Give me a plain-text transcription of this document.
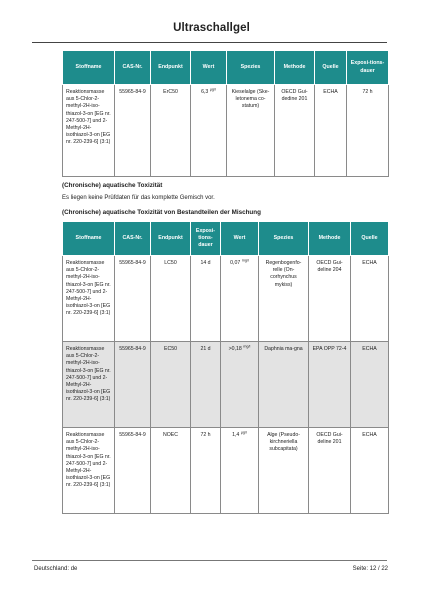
Ultraschallgel
Stoffname	CAS-Nr.	Endpunkt	Wert	Spezies	Methode	Quelle	Exposi-tions-dauer
Reaktionsmasse aus 5-Chlor-2-methyl-2H-iso-thiazol-3-on [EG nr. 247-500-7] und 2-Methyl-2H-isothiazol-3-on [EG nr. 220-239-6] (3:1)	55965-84-9	ErC50	6,3 $^{\mu g/l}$	Kieselalge (Ske-letonema co-statum)	OECD Gui-dedine 201	ECHA	72 h
(Chronische) aquatische Toxizität
Es liegen keine Prüfdaten für das komplette Gemisch vor.
(Chronische) aquatische Toxizität von Bestandteilen der Mischung
Stoffname	CAS-Nr.	Endpunkt	Exposi-tions-dauer	Wert	Spezies	Methode	Quelle
Reaktionsmasse aus 5-Chlor-2-methyl-2H-iso-thiazol-3-on [EG nr. 247-500-7] und 2-Methyl-2H-isothiazol-3-on [EG nr. 220-239-6] (3:1)	55965-84-9	LC50	14 d	0,07 $^{mg/l}$	Regenbogenfo-relle (On-corhynchus mykiss)	OECD Gui-deline 204	ECHA
Reaktionsmasse aus 5-Chlor-2-methyl-2H-iso-thiazol-3-on [EG nr. 247-500-7] und 2-Methyl-2H-isothiazol-3-on [EG nr. 220-239-6] (3:1)	55965-84-9	EC50	21 d	>0,18 $^{mg/l}$	Daphnia ma-gna	EPA OPP 72-4	ECHA
Reaktionsmasse aus 5-Chlor-2-methyl-2H-iso-thiazol-3-on [EG nr. 247-500-7] und 2-Methyl-2H-isothiazol-3-on [EG nr. 220-239-6] (3:1)	55965-84-9	NOEC	72 h	1,4 $^{\mu g/l}$	Alge (Pseudo-kirchneriella subcapitata)	OECD Gui-deline 201	ECHA
Deutschland: de	Seite: 12 / 22
